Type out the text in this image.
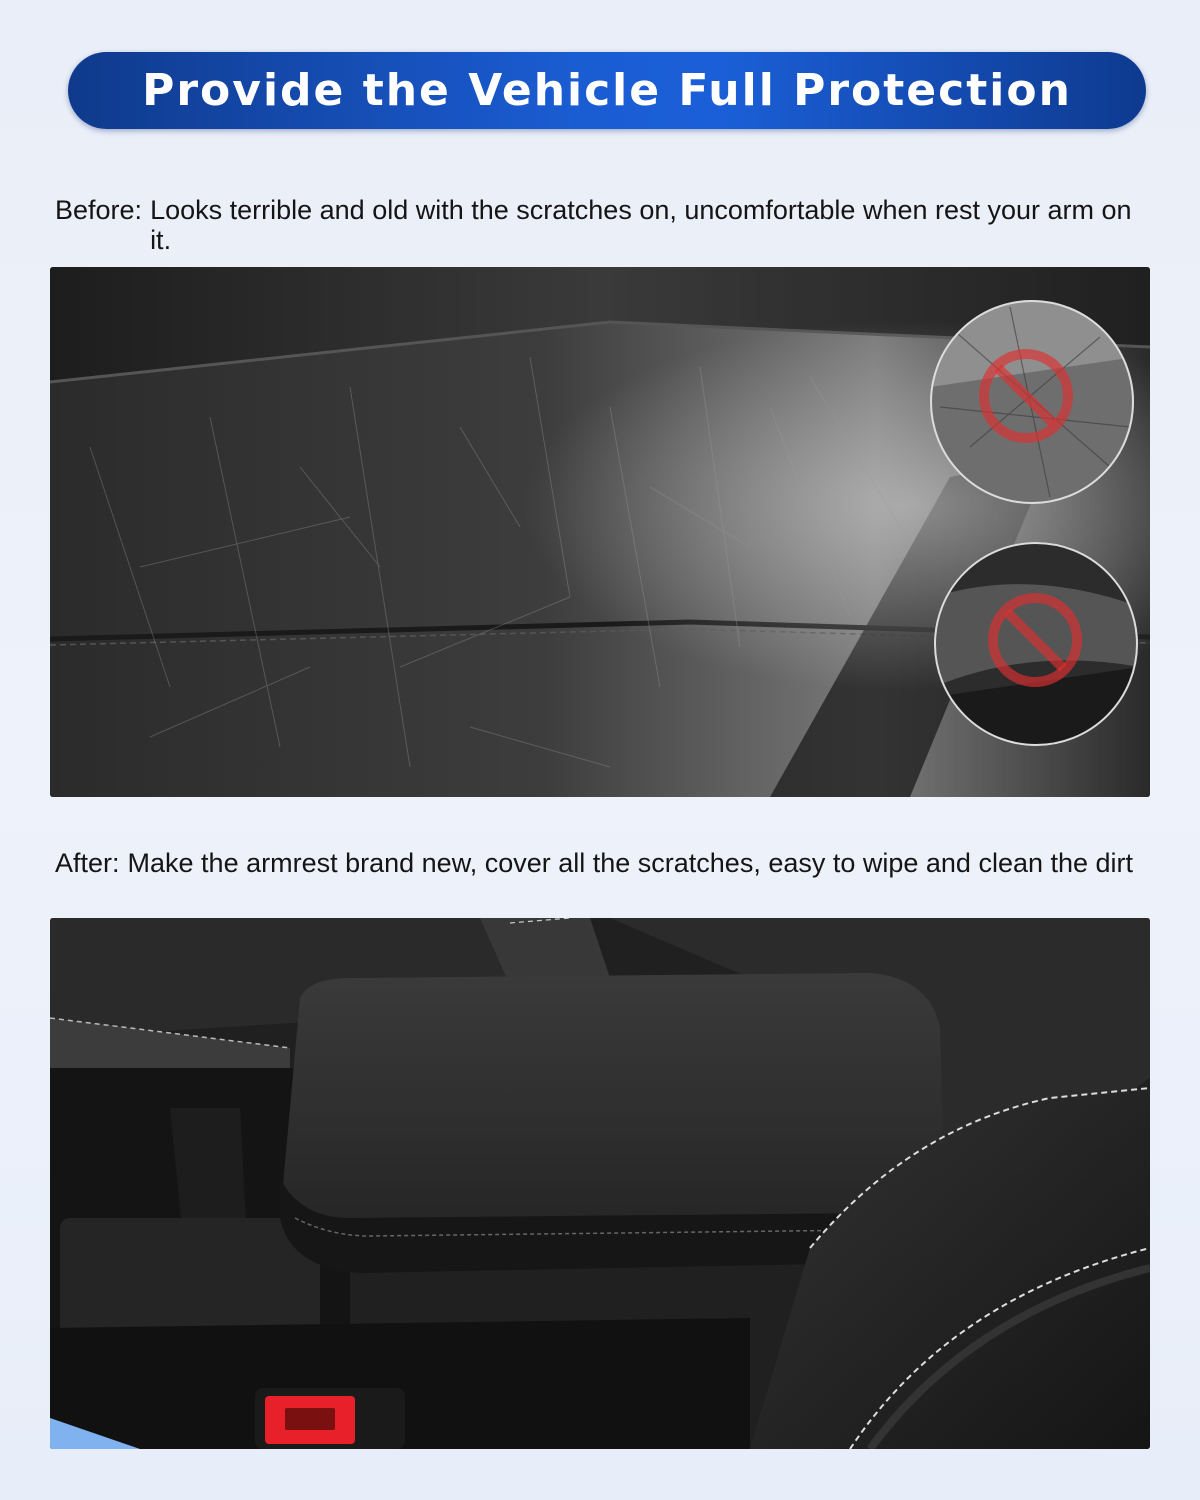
Provide the Vehicle Full Protection
Before: Looks terrible and old with the scratches on, uncomfortable when rest your arm on it.
After: Make the armrest brand new, cover all the scratches, easy to wipe and clean the dirt
